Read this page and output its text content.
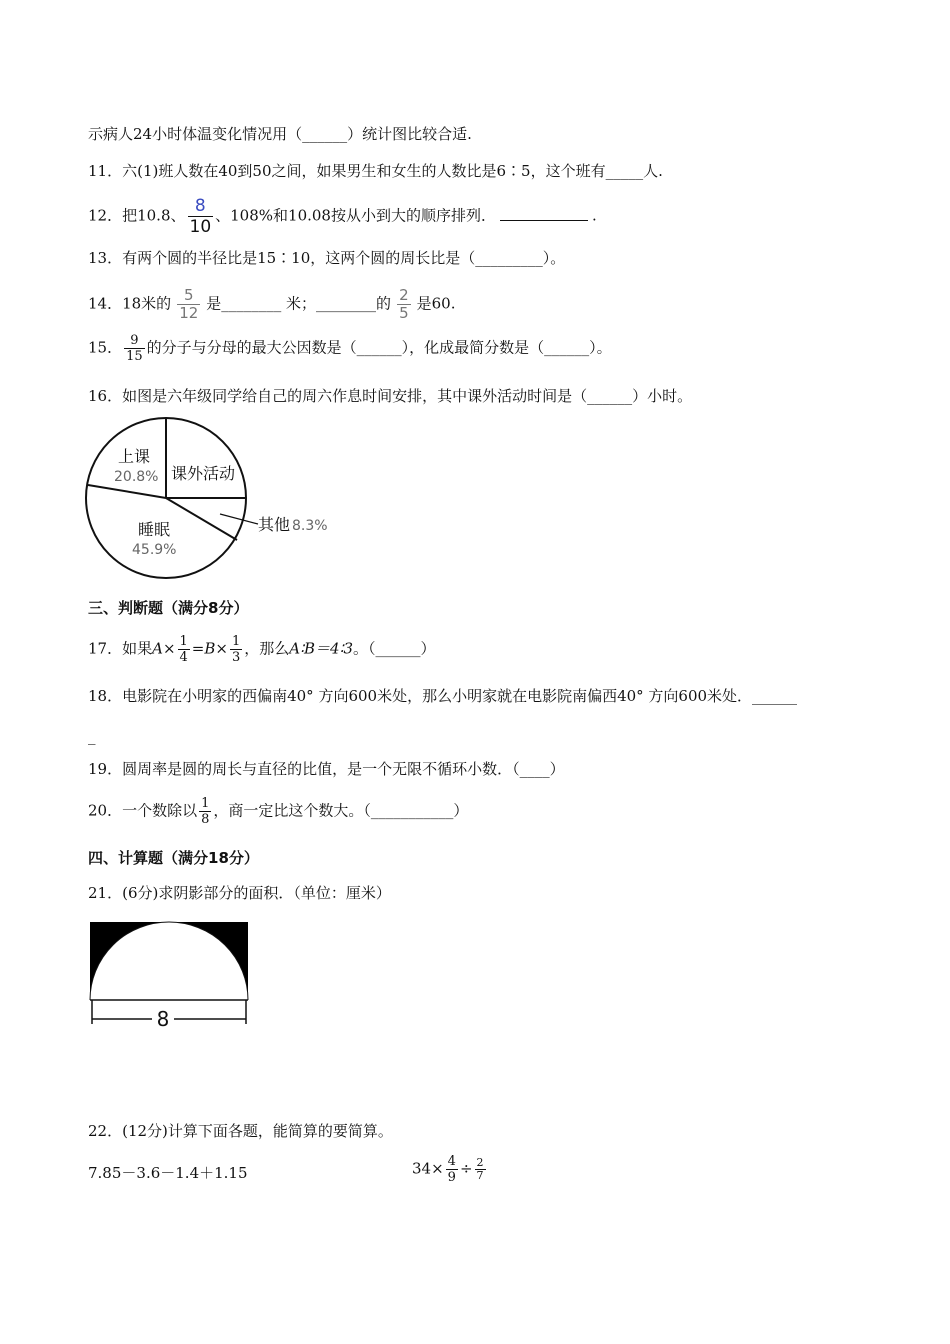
示病人24小时体温变化情况用（______）统计图比较合适.
11．六(1)班人数在40到50之间，如果男生和女生的人数比是6∶5，这个班有_____人.
12．把10.8、 $\frac{8}{10}$ 、108%和10.08按从小到大的顺序排列．	.
13．有两个圆的半径比是15∶10，这两个圆的周长比是（_________）。
14．18米的 $\frac{5}{12}$ 是________ 米；________的 $\frac{2}{5}$ 是60.
15． $\frac{9}{15}$ 的分子与分母的最大公因数是（______），化成最简分数是（______）。
16．如图是六年级同学给自己的周六作息时间安排，其中课外活动时间是（______）小时。
上课
20.8% 课外活动
睡眠
45.9%
其他 8.3%
三、判断题（满分8分）
17．如果$A\times \frac{1}{4} =B\times \frac{1}{3}$ ，那么A∶B＝4∶3。（______）
18．电影院在小明家的西偏南40° 方向600米处，那么小明家就在电影院南偏西40° 方向600米处．______
_
19．圆周率是圆的周长与直径的比值，是一个无限不循环小数．（____）
20．一个数除以 $\frac{1}{8}$ ，商一定比这个数大。（___________）
四、计算题（满分18分）
21．(6分)求阴影部分的面积．（单位：厘米）
8
22．(12分)计算下面各题，能简算的要简算。
7.85－3.6－1.4＋1.15	$34\times \frac{4}{9} \div \frac{2}{7}$
